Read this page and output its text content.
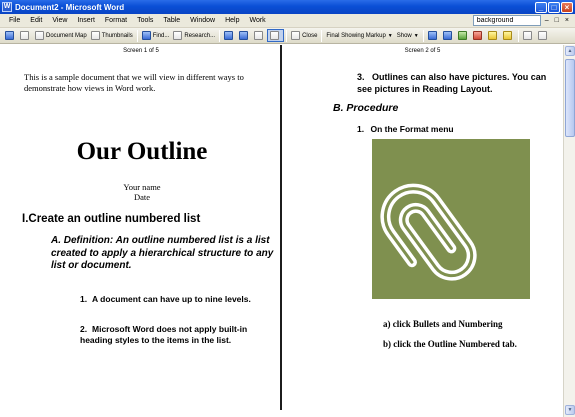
W Document2 - Microsoft Word	_	□	×
File	Edit	View	Insert	Format	Tools	Table	Window	Help	Work
background	– □ ×
Document Map	Thumbnails	Find...	Research...	Close Final Showing Markup ▼ Show ▼
Screen 1 of 5
This is a sample document that we will view in different ways to demonstrate how views in Word work.
Our Outline
Your name
Date
I.Create an outline numbered list
A. Definition: An outline numbered list is a list created to apply a hierarchical structure to any list or document.
1. A document can have up to nine levels.
2. Microsoft Word does not apply built-in heading styles to the items in the list.
Screen 2 of 5
3. Outlines can also have pictures. You can see pictures in Reading Layout.
B. Procedure
1. On the Format menu
a) click Bullets and Numbering
b) click the Outline Numbered tab.
▲
▼
